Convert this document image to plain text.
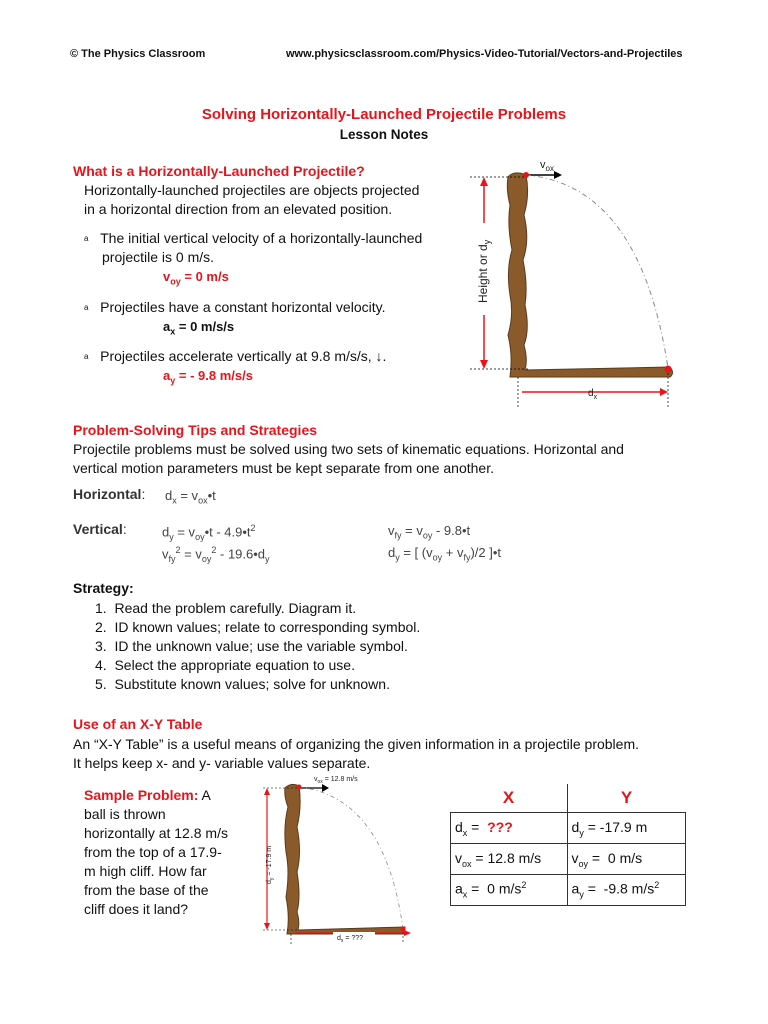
© The Physics Classroom	www.physicsclassroom.com/Physics-Video-Tutorial/Vectors-and-Projectiles
Solving Horizontally-Launched Projectile Problems
Lesson Notes
What is a Horizontally-Launched Projectile?
Horizontally-launched projectiles are objects projected
in a horizontal direction from an elevated position.
$^a$ The initial vertical velocity of a horizontally-launched
projectile is 0 m/s.
$v_{oy} = 0$ m/s
$^a$ Projectiles have a constant horizontal velocity.
$a_x = 0$ m/s/s
$^a$ Projectiles accelerate vertically at 9.8 m/s/s, ↓.
$a_y$ = - 9.8 m/s/s
Height or $d_y$
$v_{ox}$
$d_x$
Problem-Solving Tips and Strategies
Projectile problems must be solved using two sets of kinematic equations. Horizontal and
vertical motion parameters must be kept separate from one another.
Horizontal: $d_x$ = $v_{ox}•t$
Vertical:	$d_y$ = $v_{oy}•t$ - $4.9•t^2$	$v_{fy} = v_{oy}$ - 9.8•t
$v_{fy}^2 = v_{oy}^2$ - $19.6•d_y$	$d_y$ = [ $(v_{oy} + v_{fy})/2$ ]•t
Strategy:
1.  Read the problem carefully. Diagram it.
2.  ID known values; relate to corresponding symbol.
3.  ID the unknown value; use the variable symbol.
4.  Select the appropriate equation to use.
5.  Substitute known values; solve for unknown.
Use of an X-Y Table
An “X-Y Table” is a useful means of organizing the given information in a projectile problem.
It helps keep x- and y- variable values separate.
Sample Problem: A
ball is thrown
horizontally at 12.8 m/s
from the top of a 17.9-
m high cliff. How far
from the base of the
cliff does it land?
$d_y = -17.9$ m
$v_{ox} = 12.8$ m/s
$d_x$ = ???
X	Y
$d_x$ =  ???	$d_y = -17.9$ m
$v_{ox} = 12.8$ m/s	$v_{oy} = 0$ m/s
$a_x = 0$ $m/s^2$	$a_y = -9.8$ $m/s^2$
